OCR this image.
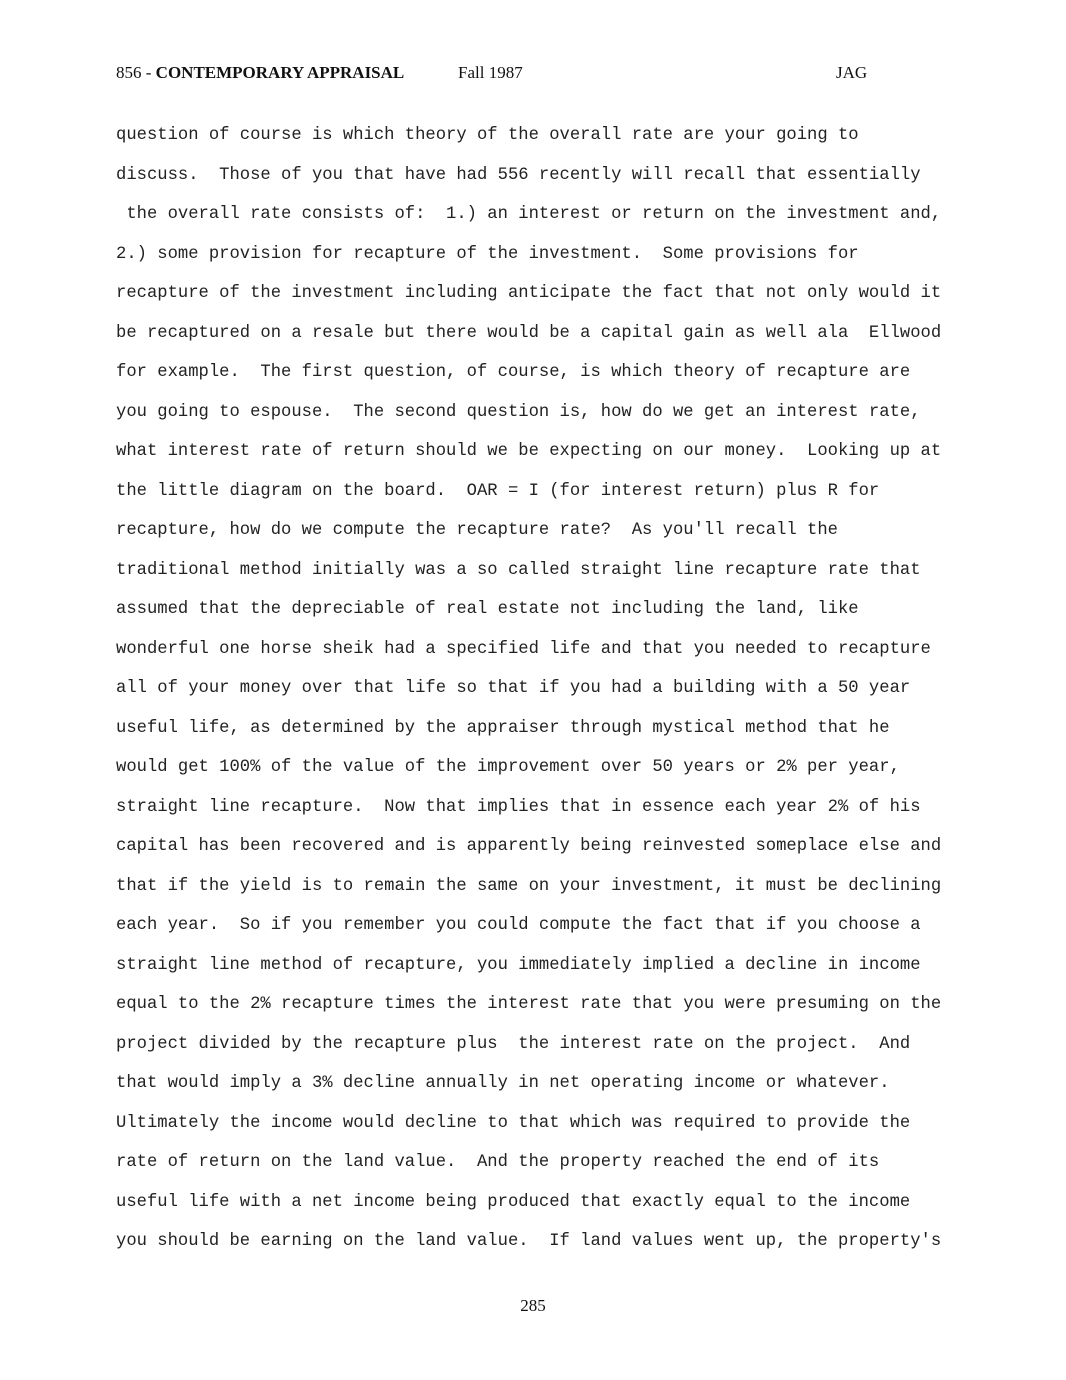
856 - CONTEMPORARY APPRAISAL	Fall 1987	JAG
question of course is which theory of the overall rate are your going to
discuss.  Those of you that have had 556 recently will recall that essentially
the overall rate consists of:  1.) an interest or return on the investment and,
2.) some provision for recapture of the investment.  Some provisions for
recapture of the investment including anticipate the fact that not only would it
be recaptured on a resale but there would be a capital gain as well ala  Ellwood
for example.  The first question, of course, is which theory of recapture are
you going to espouse.  The second question is, how do we get an interest rate,
what interest rate of return should we be expecting on our money.  Looking up at
the little diagram on the board.  OAR = I (for interest return) plus R for
recapture, how do we compute the recapture rate?  As you'll recall the
traditional method initially was a so called straight line recapture rate that
assumed that the depreciable of real estate not including the land, like
wonderful one horse sheik had a specified life and that you needed to recapture
all of your money over that life so that if you had a building with a 50 year
useful life, as determined by the appraiser through mystical method that he
would get 100% of the value of the improvement over 50 years or 2% per year,
straight line recapture.  Now that implies that in essence each year 2% of his
capital has been recovered and is apparently being reinvested someplace else and
that if the yield is to remain the same on your investment, it must be declining
each year.  So if you remember you could compute the fact that if you choose a
straight line method of recapture, you immediately implied a decline in income
equal to the 2% recapture times the interest rate that you were presuming on the
project divided by the recapture plus  the interest rate on the project.  And
that would imply a 3% decline annually in net operating income or whatever.
Ultimately the income would decline to that which was required to provide the
rate of return on the land value.  And the property reached the end of its
useful life with a net income being produced that exactly equal to the income
you should be earning on the land value.  If land values went up, the property's
285
